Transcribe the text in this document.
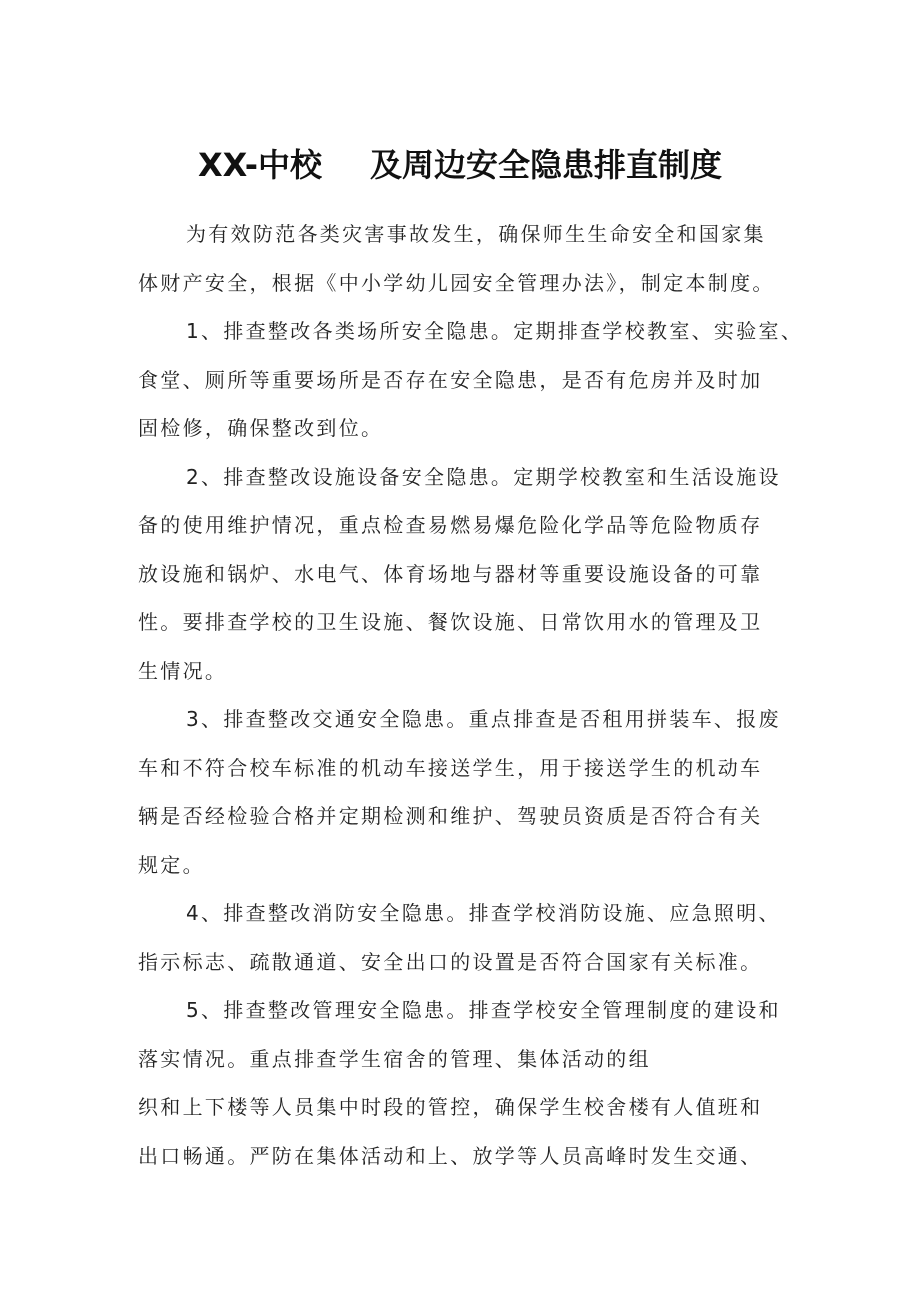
XX-中校 及周边安全隐患排直制度
为有效防范各类灾害事故发生，确保师生生命安全和国家集
体财产安全，根据《中小学幼儿园安全管理办法》，制定本制度。
1、排查整改各类场所安全隐患。定期排查学校教室、实验室、
食堂、厕所等重要场所是否存在安全隐患，是否有危房并及时加
固检修，确保整改到位。
2、排查整改设施设备安全隐患。定期学校教室和生活设施设
备的使用维护情况，重点检查易燃易爆危险化学品等危险物质存
放设施和锅炉、水电气、体育场地与器材等重要设施设备的可靠
性。要排查学校的卫生设施、餐饮设施、日常饮用水的管理及卫
生情况。
3、排查整改交通安全隐患。重点排查是否租用拼装车、报废
车和不符合校车标准的机动车接送学生，用于接送学生的机动车
辆是否经检验合格并定期检测和维护、驾驶员资质是否符合有关
规定。
4、排查整改消防安全隐患。排查学校消防设施、应急照明、
指示标志、疏散通道、安全出口的设置是否符合国家有关标准。
5、排查整改管理安全隐患。排查学校安全管理制度的建设和
落实情况。重点排查学生宿舍的管理、集体活动的组
织和上下楼等人员集中时段的管控，确保学生校舍楼有人值班和
出口畅通。严防在集体活动和上、放学等人员高峰时发生交通、
